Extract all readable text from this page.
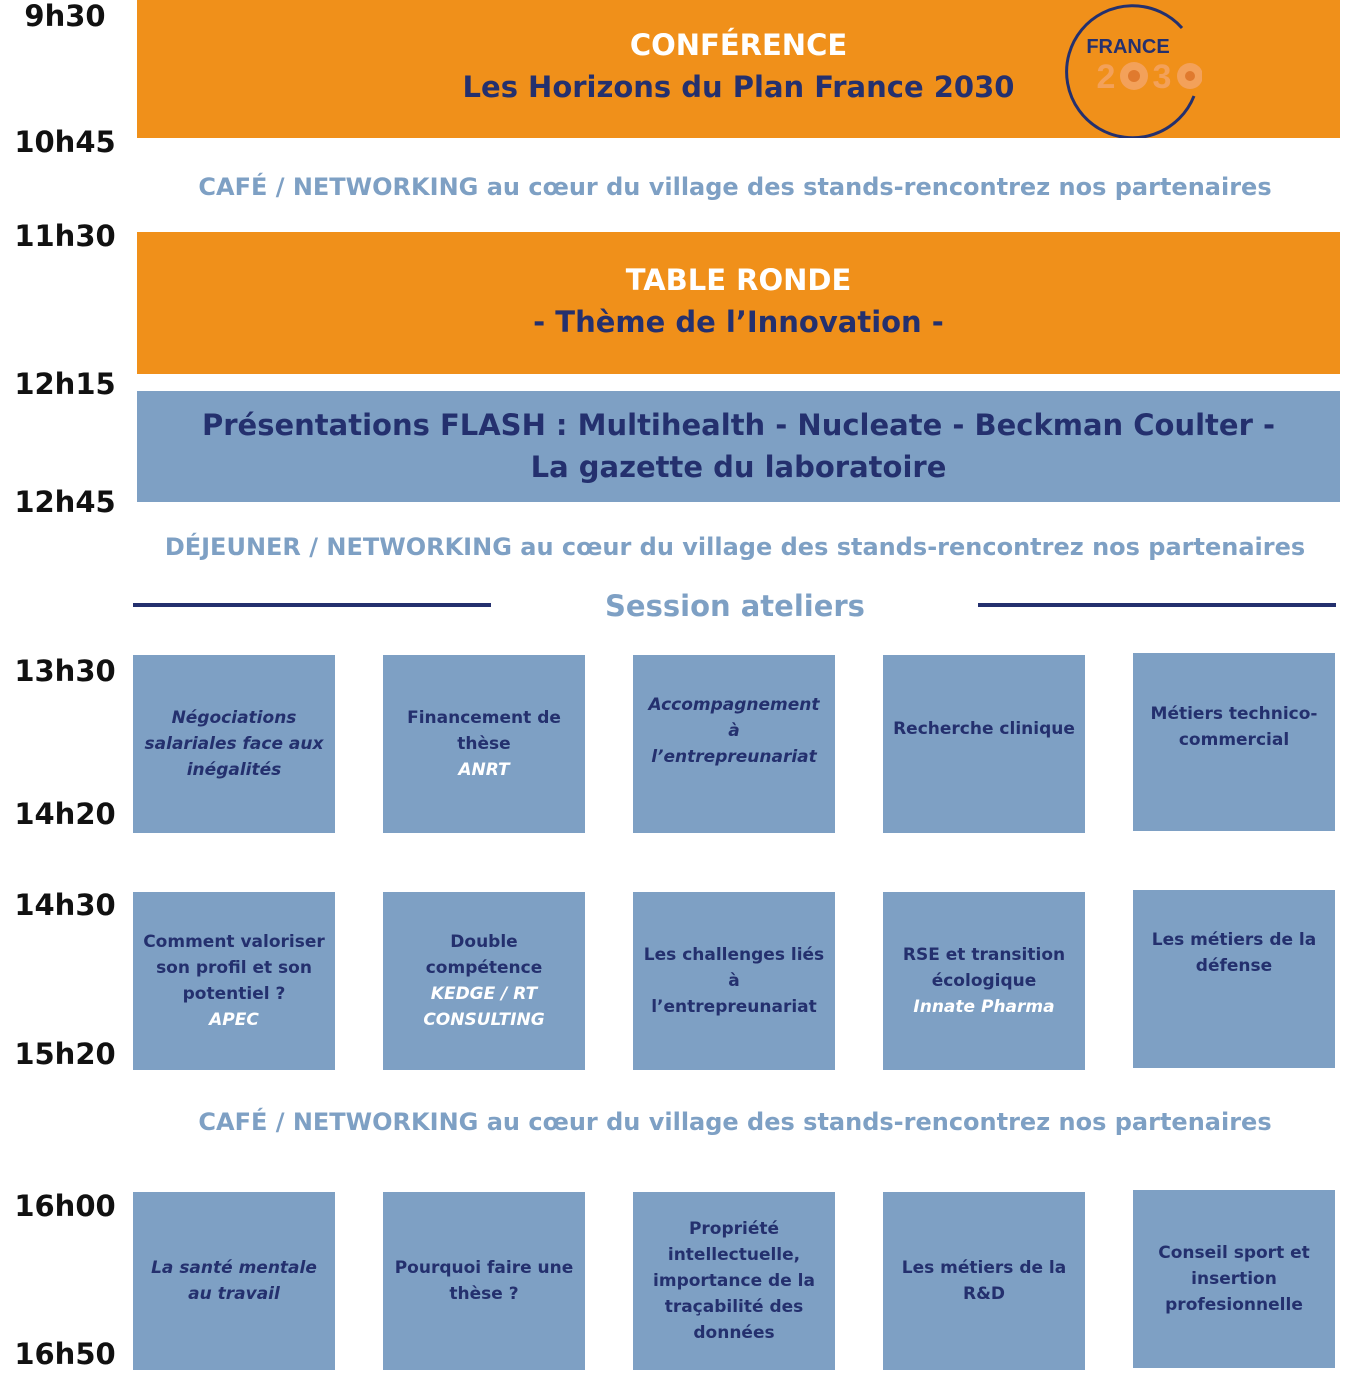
9h30
10h45
11h30
12h15
12h45
13h30
14h20
14h30
15h20
16h00
16h50
CONFÉRENCE
Les Horizons du Plan France 2030
FRANCE
2 3
CAFÉ / NETWORKING au cœur du village des stands-rencontrez nos partenaires
TABLE RONDE
- Thème de l’Innovation -
Présentations FLASH : Multihealth - Nucleate - Beckman Coulter -
La gazette du laboratoire
DÉJEUNER / NETWORKING au cœur du village des stands-rencontrez nos partenaires
Session ateliers
Négociations
salariales face aux
inégalités
Financement de
thèse
ANRT
Accompagnement
à
l’entrepreunariat
Recherche clinique
Métiers technico-
commercial
Comment valoriser
son profil et son
potentiel ?
APEC
Double
compétence
KEDGE / RT
CONSULTING
Les challenges liés
à
l’entrepreunariat
RSE et transition
écologique
Innate Pharma
Les métiers de la
défense
CAFÉ / NETWORKING au cœur du village des stands-rencontrez nos partenaires
La santé mentale
au travail
Pourquoi faire une
thèse ?
Propriété
intellectuelle,
importance de la
traçabilité des
données
Les métiers de la
R&D
Conseil sport et
insertion
profesionnelle
